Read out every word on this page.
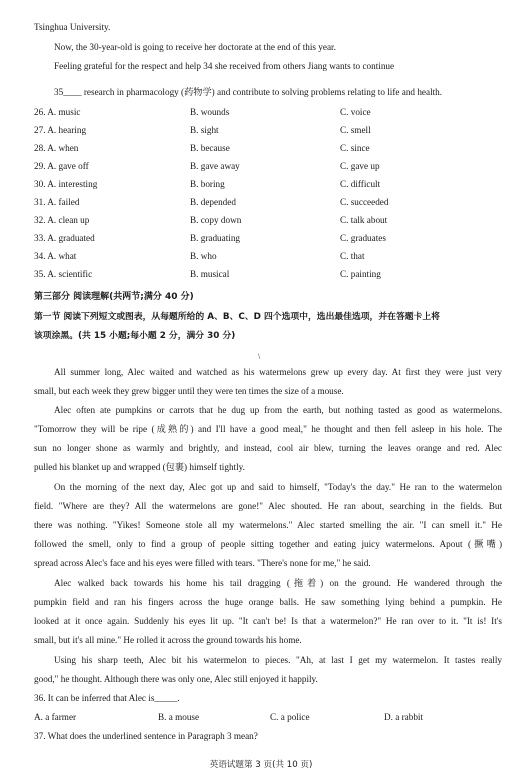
Tsinghua University.
Now, the 30-year-old is going to receive her doctorate at the end of this year.
Feeling grateful for the respect and help 34 she received from others Jiang wants to continue
35____ research in pharmacology (药物学) and contribute to solving problems relating to life and health.
26. A. music	B. wounds	C. voice
27. A. hearing	B. sight	C. smell
28. A. when	B. because	C. since
29. A. gave off	B. gave away	C. gave up
30. A. interesting	B. boring	C. difficult
31. A. failed	B. depended	C. succeeded
32. A. clean up	B. copy down	C. talk about
33. A. graduated	B. graduating	C. graduates
34. A. what	B. who	C. that
35. A. scientific	B. musical	C. painting
第三部分 阅读理解(共两节;满分 40 分)
第一节 阅读下列短文或图表，从每题所给的 A、B、C、D 四个选项中，选出最佳选项，并在答题卡上将
该项涂黑。(共 15 小题;每小题 2 分，满分 30 分)
\
All summer long, Alec waited and watched as his watermelons grew up every day. At first they were just very
small, but each week they grew bigger until they were ten times the size of a mouse.
Alec often ate pumpkins or carrots that he dug up from the earth, but nothing tasted as good as watermelons.
"Tomorrow they will be ripe (成熟的) and I'll have a good meal," he thought and then fell asleep in his hole. The
sun no longer shone as warmly and brightly, and instead, cool air blew, turning the leaves orange and red. Alec
pulled his blanket up and wrapped (包裹) himself tightly.
On the morning of the next day, Alec got up and said to himself, "Today's the day." He ran to the watermelon
field. "Where are they? All the watermelons are gone!" Alec shouted. He ran about, searching in the fields. But
there was nothing. "Yikes! Someone stole all my watermelons." Alec started smelling the air. "I can smell it." He
followed the smell, only to find a group of people sitting together and eating juicy watermelons. Apout (撅嘴)
spread across Alec's face and his eyes were filled with tears. "There's none for me," he said.
Alec walked back towards his home his tail dragging (拖着) on the ground. He wandered through the
pumpkin field and ran his fingers across the huge orange balls. He saw something lying behind a pumpkin. He
looked at it once again. Suddenly his eyes lit up. "It can't be! Is that a watermelon?" He ran over to it. "It is! It's
small, but it's all mine." He rolled it across the ground towards his home.
Using his sharp teeth, Alec bit his watermelon to pieces. "Ah, at last I get my watermelon. It tastes really
good," he thought. Although there was only one, Alec still enjoyed it happily.
36. It can be inferred that Alec is_____.
A. a farmer	B. a mouse	C. a police	D. a rabbit
37. What does the underlined sentence in Paragraph 3 mean?
英语试题第 3 页(共 10 页)
